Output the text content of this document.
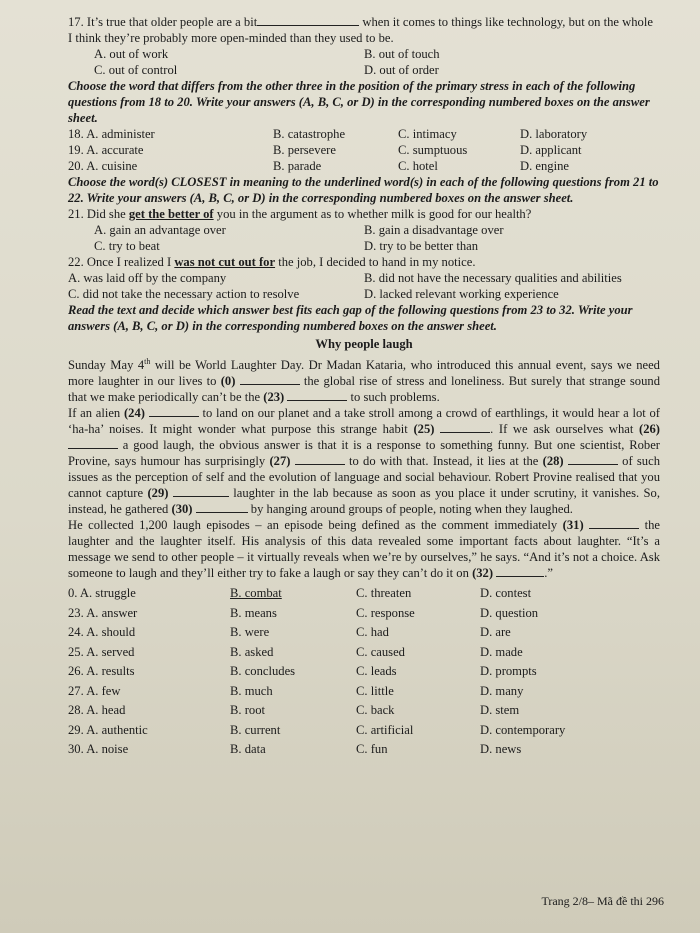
17. It’s true that older people are a bit	when it comes to things like technology, but on the whole I think they’re probably more open-minded than they used to be.

A. out of work	B. out of touch
C. out of control	D. out of order

Choose the word that differs from the other three in the position of the primary stress in each of the following questions from 18 to 20. Write your answers (A, B, C, or D) in the corresponding numbered boxes on the answer sheet.

18. A. administer	B. catastrophe	C. intimacy	D. laboratory
19. A. accurate	B. persevere	C. sumptuous	D. applicant
20. A. cuisine	B. parade	C. hotel	D. engine

Choose the word(s) CLOSEST in meaning to the underlined word(s) in each of the following questions from 21 to 22. Write your answers (A, B, C, or D) in the corresponding numbered boxes on the answer sheet.

21. Did she get the better of you in the argument as to whether milk is good for our health?

A. gain an advantage over	B. gain a disadvantage over
C. try to beat	D. try to be better than

22. Once I realized I was not cut out for the job, I decided to hand in my notice.

A. was laid off by the company	B. did not have the necessary qualities and abilities
C. did not take the necessary action to resolve	D. lacked relevant working experience

Read the text and decide which answer best fits each gap of the following questions from 23 to 32. Write your answers (A, B, C, or D) in the corresponding numbered boxes on the answer sheet.

Why people laugh

Sunday May 4th will be World Laughter Day. Dr Madan Kataria, who introduced this annual event, says we need more laughter in our lives to (0)	the global rise of stress and loneliness. But surely that strange sound that we make periodically can’t be the (23)	to such problems.

If an alien (24)	to land on our planet and a take stroll among a crowd of earthlings, it would hear a lot of ‘ha-ha’ noises. It might wonder what purpose this strange habit (25)	. If we ask ourselves what (26)  a good laugh, the obvious answer is that it is a response to something funny. But one scientist, Rober Provine, says humour has surprisingly (27)	to do with that. Instead, it lies at the (28)	of such issues as the perception of self and the evolution of language and social behaviour. Robert Provine realised that you cannot capture (29)	laughter in the lab because as soon as you place it under scrutiny, it vanishes. So, instead, he gathered (30)	by hanging around groups of people, noting when they laughed.

He collected 1,200 laugh episodes – an episode being defined as the comment immediately (31)	the laughter and the laughter itself. His analysis of this data revealed some important facts about laughter. “It’s a message we send to other people – it virtually reveals when we’re by ourselves,” he says. “And it’s not a choice. Ask someone to laugh and they’ll either try to fake a laugh or say they can’t do it on (32)	.”

0. A. struggle	B. combat	C. threaten	D. contest
23. A. answer	B. means	C. response	D. question
24. A. should	B. were	C. had	D. are
25. A. served	B. asked	C. caused	D. made
26. A. results	B. concludes	C. leads	D. prompts
27. A. few	B. much	C. little	D. many
28. A. head	B. root	C. back	D. stem
29. A. authentic	B. current	C. artificial	D. contemporary
30. A. noise	B. data	C. fun	D. news
Trang 2/8– Mã đề thi 296
